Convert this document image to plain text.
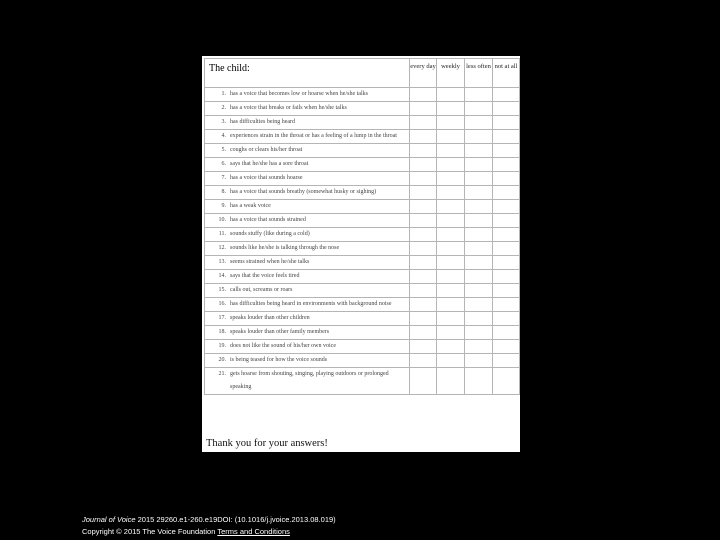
The child:	every day	weekly	less often	not at all
1. has a voice that becomes low or hoarse when he/she talks				
2. has a voice that breaks or fails when he/she talks				
3. has difficulties being heard				

4. experiences strain in the throat or has a feeling of a lump in the throat				

5. coughs or clears his/her throat				
6. says that he/she has a sore throat				
7. has a voice that sounds hoarse				

8. has a voice that sounds breathy (somewhat husky or sighing)				

9. has a weak voice				
10. has a voice that sounds strained				
11. sounds stuffy (like during a cold)				
12. sounds like he/she is talking through the nose				
13. seems strained when he/she talks				
14. says that the voice feels tired				
15. calls out, screams or roars				

16. has difficulties being heard in environments with background noise				

17. speaks louder than other children				
18. speaks louder than other family members				
19. does not like the sound of his/her own voice				
20. is being teased for how the voice sounds				

21. gets hoarse from shouting, singing, playing outdoors or prolonged speaking				

Thank you for your answers!
Journal of Voice 2015 29260.e1-260.e19DOI: (10.1016/j.jvoice.2013.08.019)
Copyright © 2015 The Voice Foundation Terms and Conditions
